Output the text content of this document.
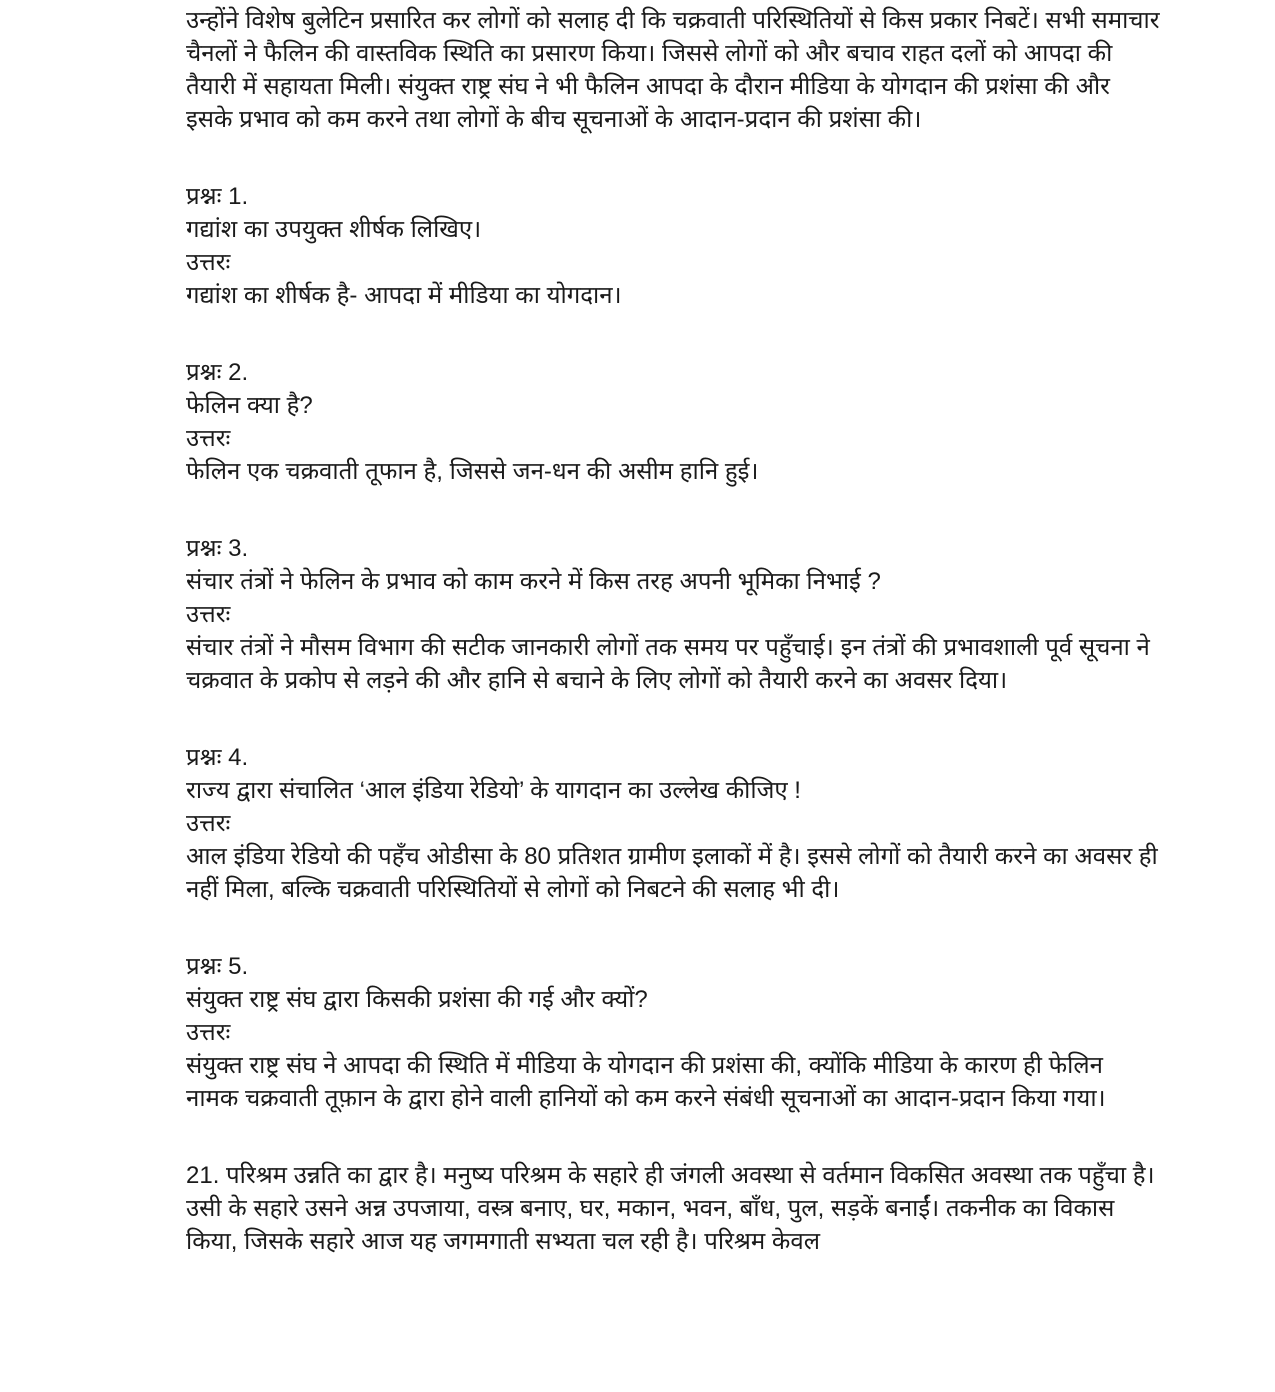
उन्होंने विशेष बुलेटिन प्रसारित कर लोगों को सलाह दी कि चक्रवाती परिस्थितियों से किस प्रकार निबटें। सभी समाचार चैनलों ने फैलिन की वास्तविक स्थिति का प्रसारण किया। जिससे लोगों को और बचाव राहत दलों को आपदा की तैयारी में सहायता मिली। संयुक्त राष्ट्र संघ ने भी फैलिन आपदा के दौरान मीडिया के योगदान की प्रशंसा की और इसके प्रभाव को कम करने तथा लोगों के बीच सूचनाओं के आदान-प्रदान की प्रशंसा की।

प्रश्नः 1.
गद्यांश का उपयुक्त शीर्षक लिखिए।
उत्तरः
गद्यांश का शीर्षक है- आपदा में मीडिया का योगदान।
प्रश्नः 2.
फेलिन क्या है?
उत्तरः
फेलिन एक चक्रवाती तूफान है, जिससे जन-धन की असीम हानि हुई।
प्रश्नः 3.
संचार तंत्रों ने फेलिन के प्रभाव को काम करने में किस तरह अपनी भूमिका निभाई ?
उत्तरः
संचार तंत्रों ने मौसम विभाग की सटीक जानकारी लोगों तक समय पर पहुँचाई। इन तंत्रों की प्रभावशाली पूर्व सूचना ने चक्रवात के प्रकोप से लड़ने की और हानि से बचाने के लिए लोगों को तैयारी करने का अवसर दिया।
प्रश्नः 4.
राज्य द्वारा संचालित ‘आल इंडिया रेडियो’ के यागदान का उल्लेख कीजिए !
उत्तरः
आल इंडिया रेडियो की पहँच ओडीसा के 80 प्रतिशत ग्रामीण इलाकों में है। इससे लोगों को तैयारी करने का अवसर ही नहीं मिला, बल्कि चक्रवाती परिस्थितियों से लोगों को निबटने की सलाह भी दी।
प्रश्नः 5.
संयुक्त राष्ट्र संघ द्वारा किसकी प्रशंसा की गई और क्यों?
उत्तरः
संयुक्त राष्ट्र संघ ने आपदा की स्थिति में मीडिया के योगदान की प्रशंसा की, क्योंकि मीडिया के कारण ही फेलिन नामक चक्रवाती तूफ़ान के द्वारा होने वाली हानियों को कम करने संबंधी सूचनाओं का आदान-प्रदान किया गया।

21. परिश्रम उन्नति का द्वार है। मनुष्य परिश्रम के सहारे ही जंगली अवस्था से वर्तमान विकसित अवस्था तक पहुँचा है। उसी के सहारे उसने अन्न उपजाया, वस्त्र बनाए, घर, मकान, भवन, बाँध, पुल, सड़कें बनाईं। तकनीक का विकास किया, जिसके सहारे आज यह जगमगाती सभ्यता चल रही है। परिश्रम केवल
